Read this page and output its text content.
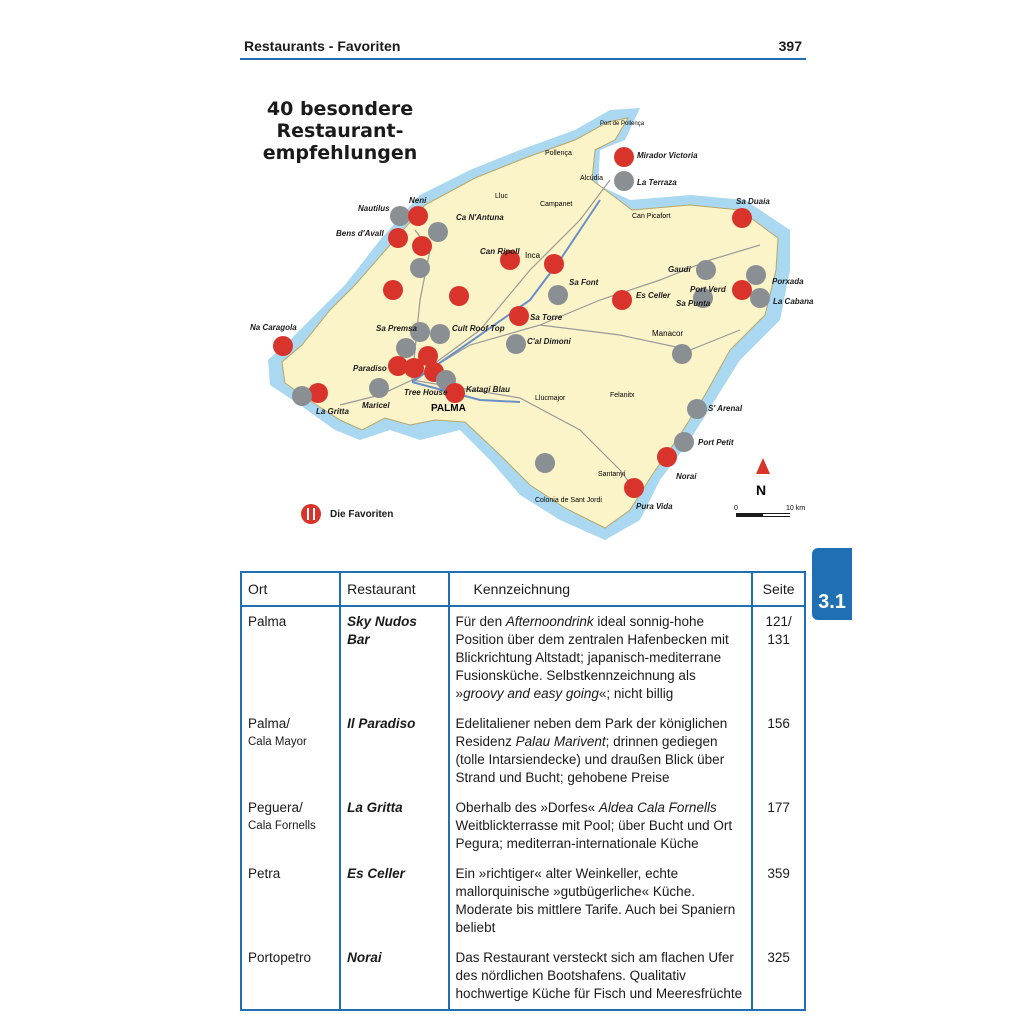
Restaurants - Favoriten	397
40 besondere
Restaurant-
empfehlungen
PALMA
Port de Pollença
Pollença
Alcúdia
Lluc
Campanet
Can Picafort
Inca
Manacor
Llucmajor	Felanitx
Santanyí
Colonia de Sant Jordi
Mirador Victoria
La Terraza
Nautilus
Neni
Ca N'Antuna
Bens d'Avall
Can Ripoll
Sa Font
Es Celler
Gaudi
Sa Duaia
Porxada
Port Verd
Sa Punta	La Cabana
Na Caragola	Sa Premsa	Cult Roof Top
Sa Torre
C'al Dimoni
Paradiso
Tree House Katagi Blau
Maricel
La Gritta	S' Arenal
Port Petit
Norai
Pura Vida
N
0	10 km
Die Favoriten
3.1
Ort	Restaurant	Kennzeichnung	Seite
Palma	Sky Nudos Bar	Für den Afternoondrink ideal sonnig-hohe Position über dem zentralen Hafenbecken mit Blickrichtung Altstadt; japanisch-mediterrane Fusionsküche. Selbstkennzeichnung als »groovy and easy going«; nicht billig	121/ 131
Palma/
Cala Mayor	Il Paradiso	Edelitaliener neben dem Park der königlichen Residenz Palau Marivent; drinnen gediegen (tolle Intarsiendecke) und draußen Blick über Strand und Bucht; gehobene Preise	156
Peguera/
Cala Fornells	La Gritta	Oberhalb des »Dorfes« Aldea Cala Fornells Weitblickterrasse mit Pool; über Bucht und Ort Pegura; mediterran-internationale Küche	177
Petra	Es Celler	Ein »richtiger« alter Weinkeller, echte mallorquinische »gutbügerliche« Küche. Moderate bis mittlere Tarife. Auch bei Spaniern beliebt	359
Portopetro	Norai	Das Restaurant versteckt sich am flachen Ufer des nördlichen Bootshafens. Qualitativ hochwertige Küche für Fisch und Meeresfrüchte	325
